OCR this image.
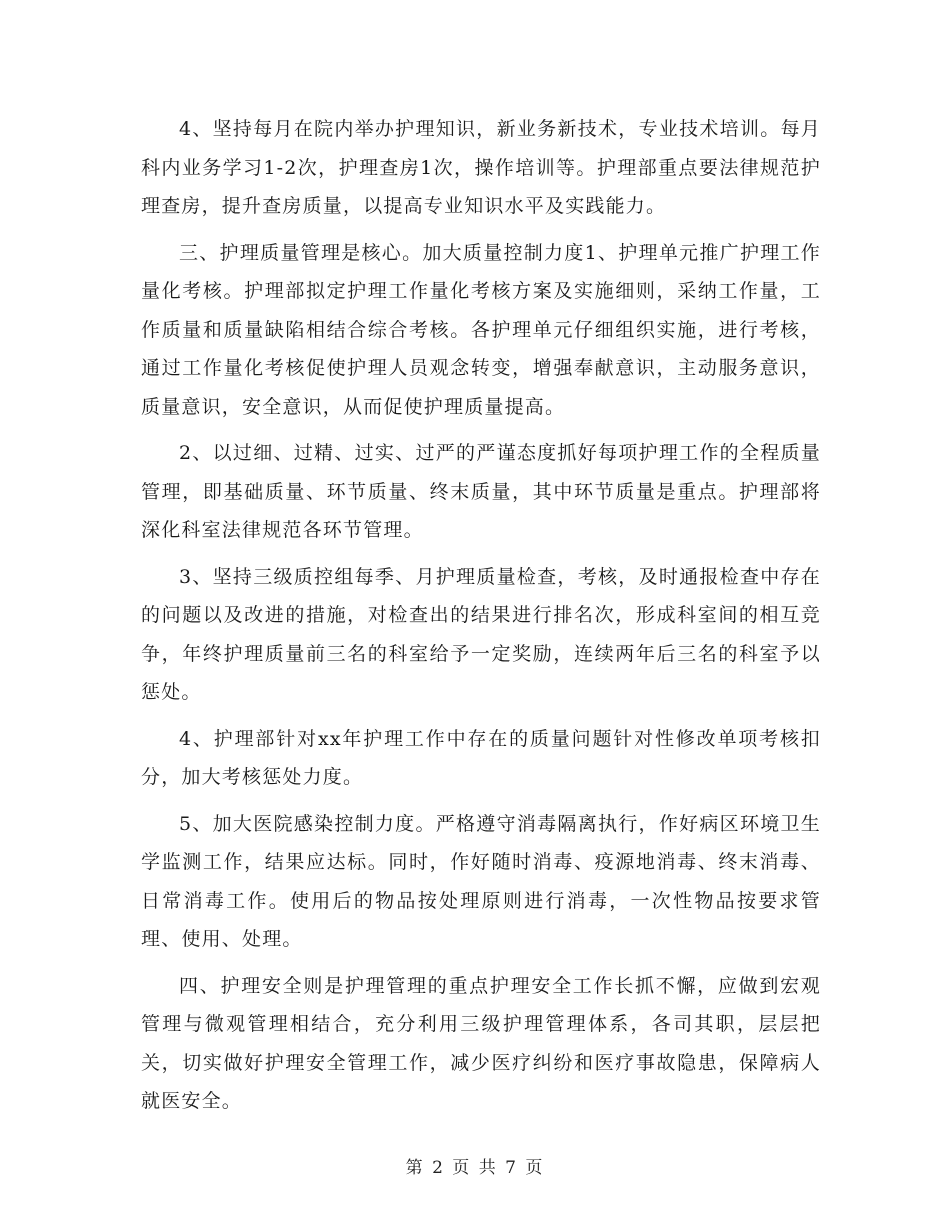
4、坚持每月在院内举办护理知识，新业务新技术，专业技术培训。每月科内业务学习1-2次，护理查房1次，操作培训等。护理部重点要法律规范护理查房，提升查房质量，以提高专业知识水平及实践能力。

三、护理质量管理是核心。加大质量控制力度1、护理单元推广护理工作量化考核。护理部拟定护理工作量化考核方案及实施细则，采纳工作量，工作质量和质量缺陷相结合综合考核。各护理单元仔细组织实施，进行考核，通过工作量化考核促使护理人员观念转变，增强奉献意识，主动服务意识，质量意识，安全意识，从而促使护理质量提高。

2、以过细、过精、过实、过严的严谨态度抓好每项护理工作的全程质量管理，即基础质量、环节质量、终末质量，其中环节质量是重点。护理部将深化科室法律规范各环节管理。

3、坚持三级质控组每季、月护理质量检查，考核，及时通报检查中存在的问题以及改进的措施，对检查出的结果进行排名次，形成科室间的相互竞争，年终护理质量前三名的科室给予一定奖励，连续两年后三名的科室予以惩处。

4、护理部针对xx年护理工作中存在的质量问题针对性修改单项考核扣分，加大考核惩处力度。

5、加大医院感染控制力度。严格遵守消毒隔离执行，作好病区环境卫生学监测工作，结果应达标。同时，作好随时消毒、疫源地消毒、终末消毒、日常消毒工作。使用后的物品按处理原则进行消毒，一次性物品按要求管理、使用、处理。

四、护理安全则是护理管理的重点护理安全工作长抓不懈，应做到宏观管理与微观管理相结合，充分利用三级护理管理体系，各司其职，层层把关，切实做好护理安全管理工作，减少医疗纠纷和医疗事故隐患，保障病人就医安全。

第 2 页 共 7 页
